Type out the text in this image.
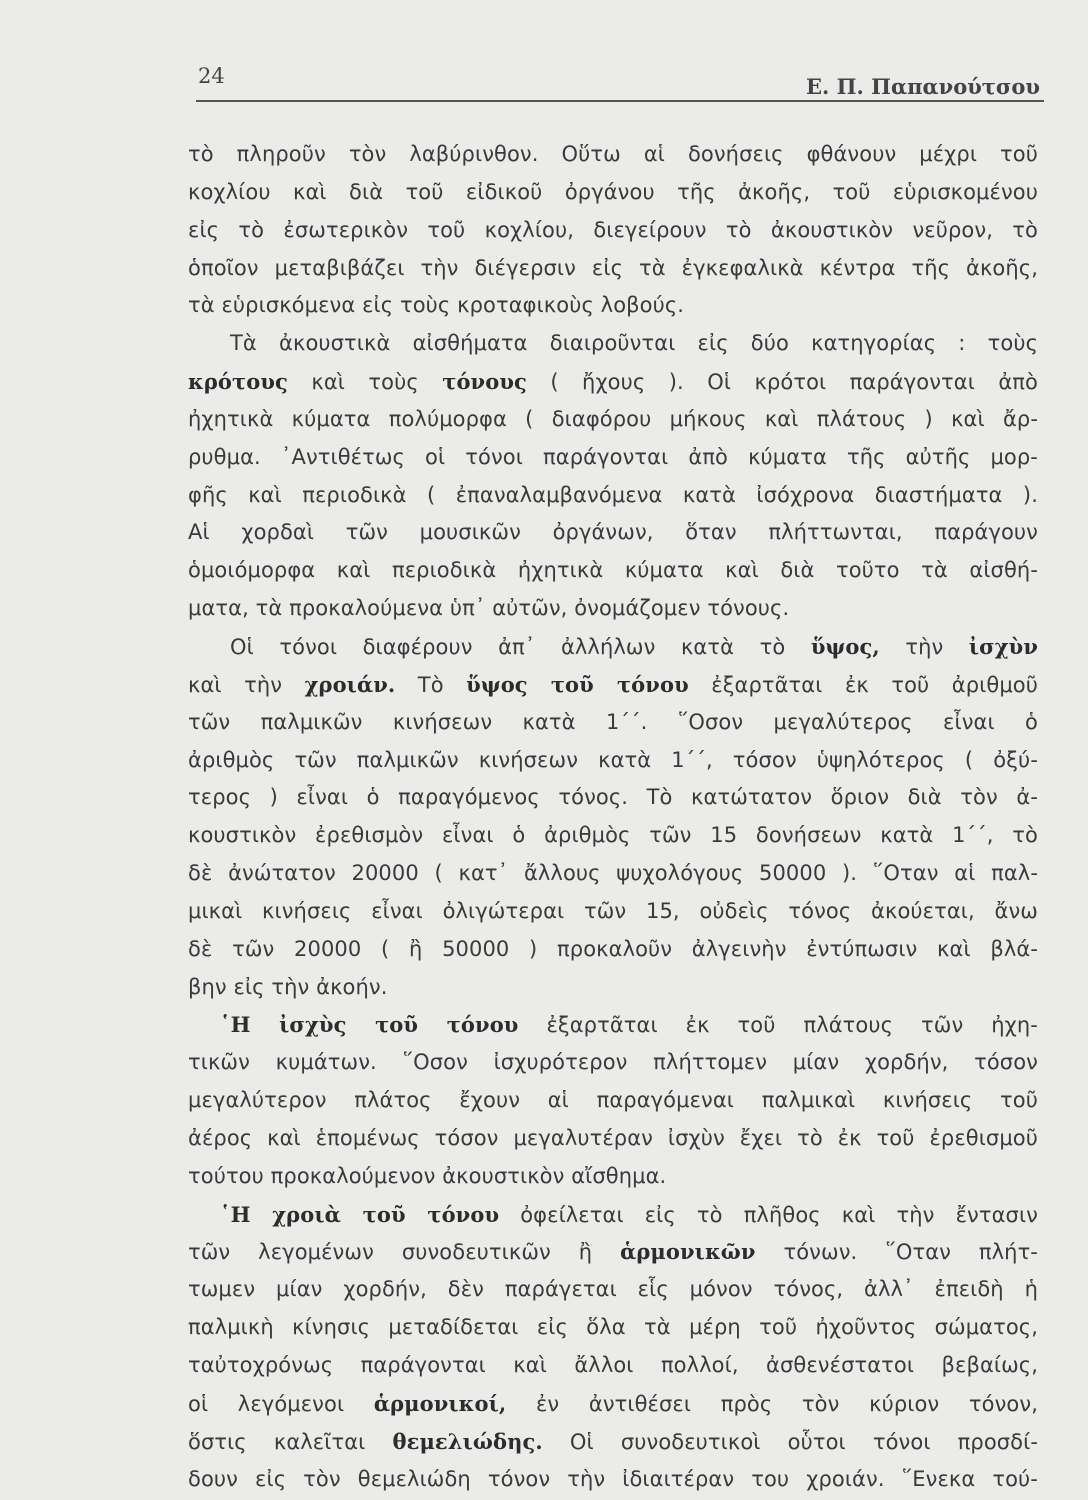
24	Ε. Π. Παπανούτσου
τὸ πληροῦν τὸν λαβύρινθον. Οὕτω αἱ δονήσεις φθάνουν μέχρι τοῦ
κοχλίου καὶ διὰ τοῦ εἰδικοῦ ὀργάνου τῆς ἀκοῆς, τοῦ εὑρισκομένου
εἰς τὸ ἐσωτερικὸν τοῦ κοχλίου, διεγείρουν τὸ ἀκουστικὸν νεῦρον, τὸ
ὁποῖον μεταβιβάζει τὴν διέγερσιν εἰς τὰ ἐγκεφαλικὰ κέντρα τῆς ἀκοῆς,
τὰ εὑρισκόμενα εἰς τοὺς κροταφικοὺς λοβούς.
Τὰ ἀκουστικὰ αἰσθήματα διαιροῦνται εἰς δύο κατηγορίας : τοὺς
κρότους καὶ τοὺς τόνους ( ἤχους ). Οἱ κρότοι παράγονται ἀπὸ
ἠχητικὰ κύματα πολύμορφα ( διαφόρου μήκους καὶ πλάτους ) καὶ ἄρ-
ρυθμα. ᾿Αντιθέτως οἱ τόνοι παράγονται ἀπὸ κύματα τῆς αὐτῆς μορ-
φῆς καὶ περιοδικὰ ( ἐπαναλαμβανόμενα κατὰ ἰσόχρονα διαστήματα ).
Αἱ χορδαὶ τῶν μουσικῶν ὀργάνων, ὅταν πλήττωνται, παράγουν
ὁμοιόμορφα καὶ περιοδικὰ ἠχητικὰ κύματα καὶ διὰ τοῦτο τὰ αἰσθή-
ματα, τὰ προκαλούμενα ὑπ᾿ αὐτῶν, ὀνομάζομεν τόνους.
Οἱ τόνοι διαφέρουν ἀπ᾿ ἀλλήλων κατὰ τὸ ὕψος, τὴν ἰσχὺν
καὶ τὴν χροιάν. Τὸ ὕψος τοῦ τόνου ἐξαρτᾶται ἐκ τοῦ ἀριθμοῦ
τῶν παλμικῶν κινήσεων κατὰ 1΄΄. ῞Οσον μεγαλύτερος εἶναι ὁ
ἀριθμὸς τῶν παλμικῶν κινήσεων κατὰ 1΄΄, τόσον ὑψηλότερος ( ὀξύ-
τερος ) εἶναι ὁ παραγόμενος τόνος. Τὸ κατώτατον ὅριον διὰ τὸν ἀ-
κουστικὸν ἐρεθισμὸν εἶναι ὁ ἀριθμὸς τῶν 15 δονήσεων κατὰ 1΄΄, τὸ
δὲ ἀνώτατον 20000 ( κατ᾿ ἄλλους ψυχολόγους 50000 ). ῞Οταν αἱ παλ-
μικαὶ κινήσεις εἶναι ὀλιγώτεραι τῶν 15, οὐδεὶς τόνος ἀκούεται, ἄνω
δὲ τῶν 20000 ( ἢ 50000 ) προκαλοῦν ἀλγεινὴν ἐντύπωσιν καὶ βλά-
βην εἰς τὴν ἀκοήν.
῾Η ἰσχὺς τοῦ τόνου ἐξαρτᾶται ἐκ τοῦ πλάτους τῶν ἠχη-
τικῶν κυμάτων. ῞Οσον ἰσχυρότερον πλήττομεν μίαν χορδήν, τόσον
μεγαλύτερον πλάτος ἔχουν αἱ παραγόμεναι παλμικαὶ κινήσεις τοῦ
ἀέρος καὶ ἑπομένως τόσον μεγαλυτέραν ἰσχὺν ἔχει τὸ ἐκ τοῦ ἐρεθισμοῦ
τούτου προκαλούμενον ἀκουστικὸν αἴσθημα.
῾Η χροιὰ τοῦ τόνου ὀφείλεται εἰς τὸ πλῆθος καὶ τὴν ἔντασιν
τῶν λεγομένων συνοδευτικῶν ἢ ἁρμονικῶν τόνων. ῞Οταν πλήτ-
τωμεν μίαν χορδήν, δὲν παράγεται εἷς μόνον τόνος, ἀλλ᾿ ἐπειδὴ ἡ
παλμικὴ κίνησις μεταδίδεται εἰς ὅλα τὰ μέρη τοῦ ἠχοῦντος σώματος,
ταὐτοχρόνως παράγονται καὶ ἄλλοι πολλοί, ἀσθενέστατοι βεβαίως,
οἱ λεγόμενοι ἁρμονικοί, ἐν ἀντιθέσει πρὸς τὸν κύριον τόνον,
ὅστις καλεῖται θεμελιώδης. Οἱ συνοδευτικοὶ οὗτοι τόνοι προσδί-
δουν εἰς τὸν θεμελιώδη τόνον τὴν ἰδιαιτέραν του χροιάν. ῞Ενεκα τού-
